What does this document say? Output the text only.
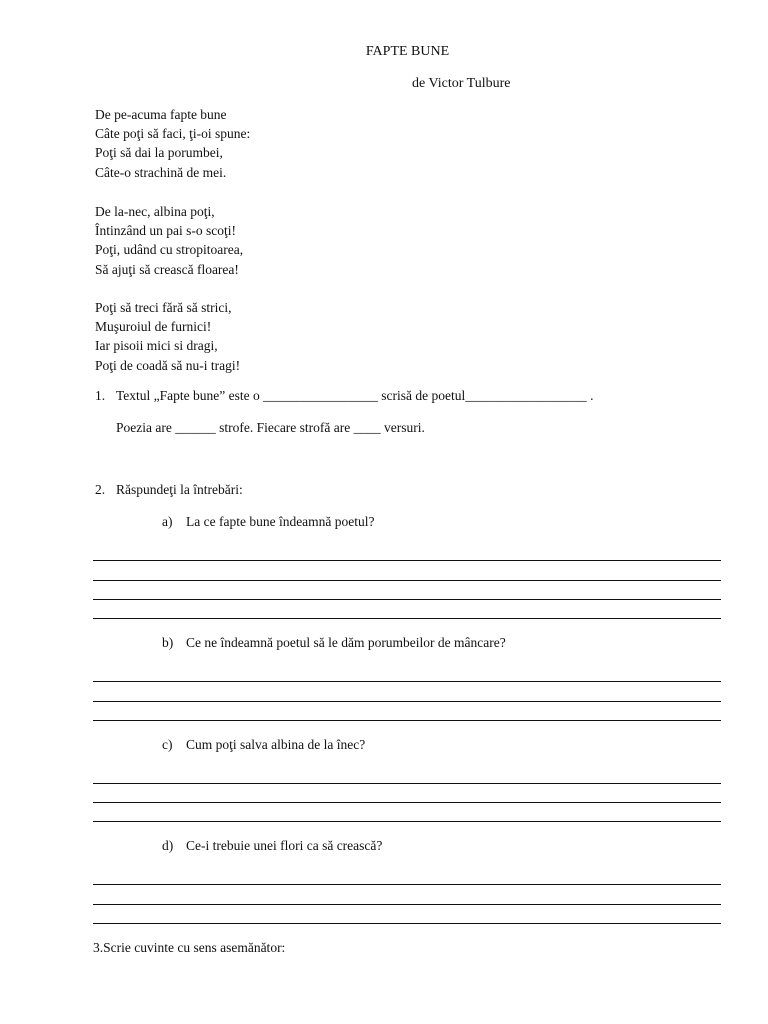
FAPTE BUNE
de Victor Tulbure
De pe-acuma fapte bune
Câte poţi să faci, ţi-oi spune:
Poţi să dai la porumbei,
Câte-o strachină de mei.
De la-nec, albina poţi,
Întinzând un pai s-o scoţi!
Poţi, udând cu stropitoarea,
Să ajuţi să crească floarea!
Poţi să treci fără să strici,
Muşuroiul de furnici!
Iar pisoii mici si dragi,
Poţi de coadă să nu-i tragi!
1. Textul „Fapte bune” este o _________________ scrisă de poetul__________________ .
Poezia are ______ strofe. Fiecare strofă are ____ versuri.
2. Răspundeţi la întrebări:
a) La ce fapte bune îndeamnă poetul?
b) Ce ne îndeamnă poetul să le dăm porumbeilor de mâncare?
c) Cum poţi salva albina de la înec?
d) Ce-i trebuie unei flori ca să crească?
3.Scrie cuvinte cu sens asemănător:
